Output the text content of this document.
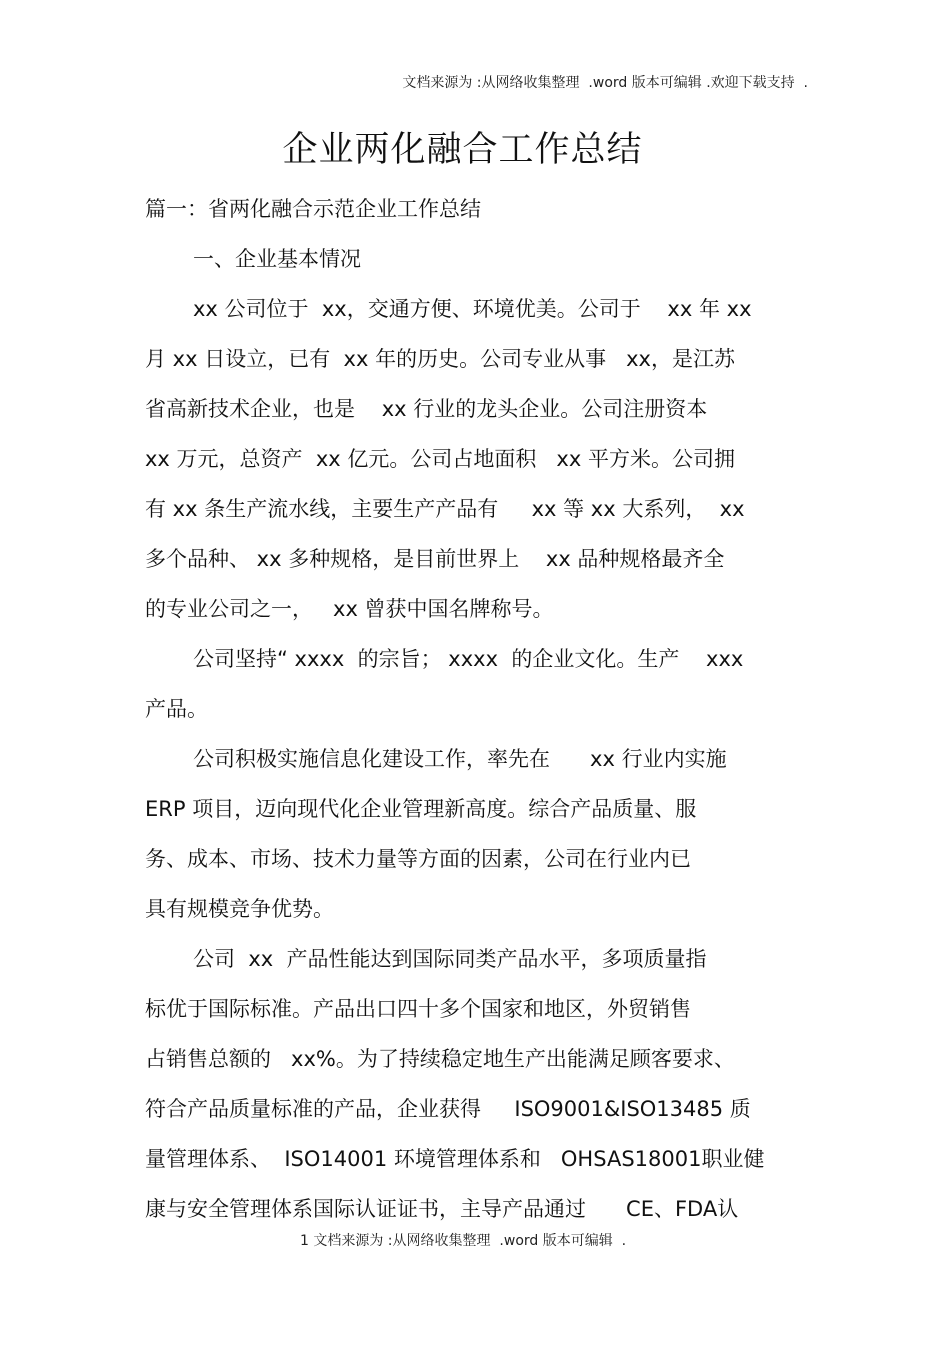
文档来源为 :从网络收集整理  .word 版本可编辑 .欢迎下载支持  .
企业两化融合工作总结
篇一：省两化融合示范企业工作总结
一、企业基本情况
xx 公司位于  xx，交通方便、环境优美。公司于    xx 年 xx
月 xx 日设立，已有  xx 年的历史。公司专业从事   xx，是江苏
省高新技术企业，也是    xx 行业的龙头企业。公司注册资本
xx 万元，总资产  xx 亿元。公司占地面积   xx 平方米。公司拥
有 xx 条生产流水线，主要生产产品有     xx 等 xx 大系列，  xx
多个品种、 xx 多种规格，是目前世界上    xx 品种规格最齐全
的专业公司之一，   xx 曾获中国名牌称号。
公司坚持“ xxxx  的宗旨； xxxx  的企业文化。生产    xxx
产品。
公司积极实施信息化建设工作，率先在      xx 行业内实施
ERP 项目，迈向现代化企业管理新高度。综合产品质量、服
务、成本、市场、技术力量等方面的因素，公司在行业内已
具有规模竞争优势。
公司  xx  产品性能达到国际同类产品水平，多项质量指
标优于国际标准。产品出口四十多个国家和地区，外贸销售
占销售总额的   xx%。为了持续稳定地生产出能满足顾客要求、
符合产品质量标准的产品，企业获得     ISO9001&ISO13485 质
量管理体系、  ISO14001 环境管理体系和   OHSAS18001职业健
康与安全管理体系国际认证证书，主导产品通过      CE、FDA认
1 文档来源为 :从网络收集整理  .word 版本可编辑  .
